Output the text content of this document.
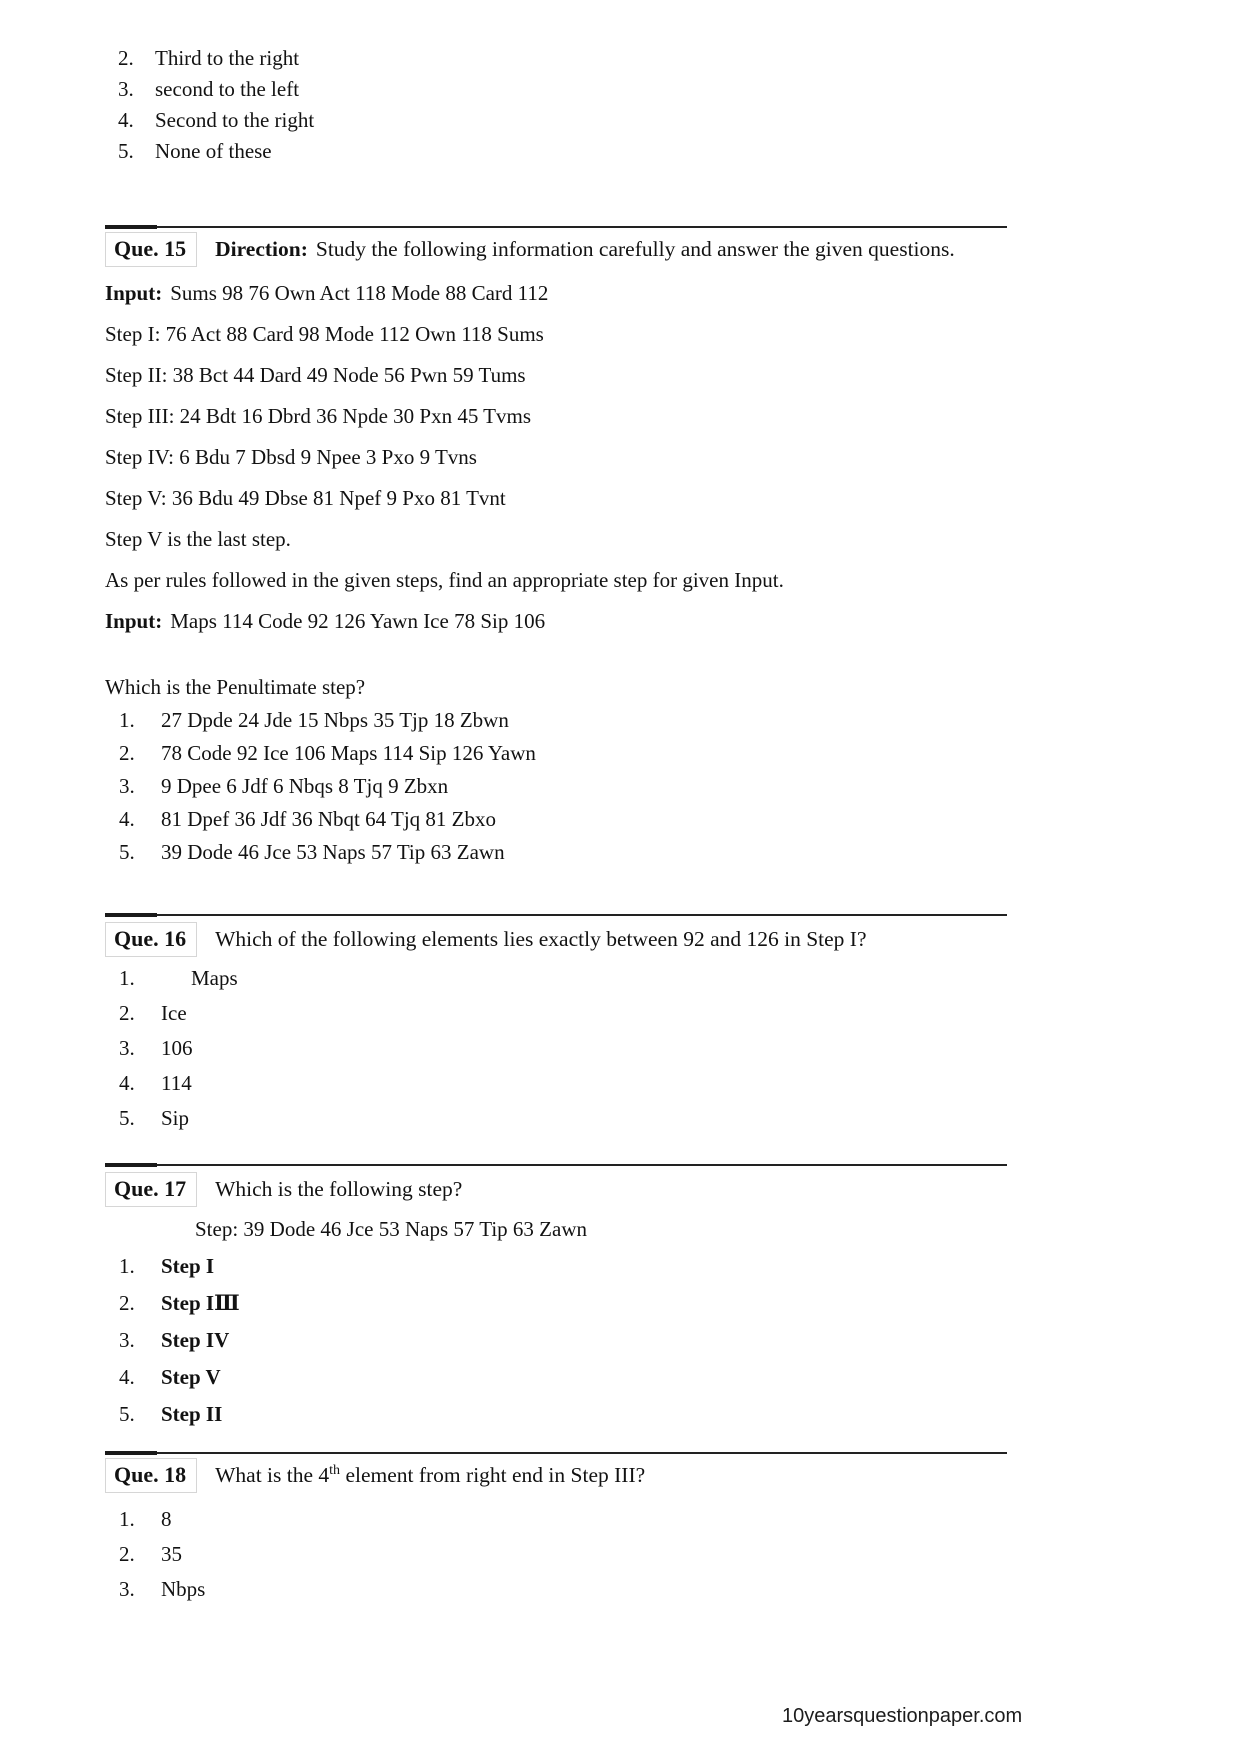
2.	Third to the right
3.	second to the left
4.	Second to the right
5.	None of these
Que. 15	Direction: Study the following information carefully and answer the given questions.

Input: Sums 98 76 Own Act 118 Mode 88 Card 112

Step I: 76 Act 88 Card 98 Mode 112 Own 118 Sums

Step II: 38 Bct 44 Dard 49 Node 56 Pwn 59 Tums

Step III: 24 Bdt 16 Dbrd 36 Npde 30 Pxn 45 Tvms

Step IV: 6 Bdu 7 Dbsd 9 Npee 3 Pxo 9 Tvns

Step V: 36 Bdu 49 Dbse 81 Npef 9 Pxo 81 Tvnt

Step V is the last step.

As per rules followed in the given steps, find an appropriate step for given Input.

Input: Maps 114 Code 92 126 Yawn Ice 78 Sip 106

Which is the Penultimate step?

1.	27 Dpde 24 Jde 15 Nbps 35 Tjp 18 Zbwn
2.	78 Code 92 Ice 106 Maps 114 Sip 126 Yawn
3.	9 Dpee 6 Jdf 6 Nbqs 8 Tjq 9 Zbxn
4.	81 Dpef 36 Jdf 36 Nbqt 64 Tjq 81 Zbxo
5.	39 Dode 46 Jce 53 Naps 57 Tip 63 Zawn
Que. 16	Which of the following elements lies exactly between 92 and 126 in Step I?
1.	Maps
2.	Ice
3.	106
4.	114
5.	Sip
Que. 17	Which is the following step?

Step: 39 Dode 46 Jce 53 Naps 57 Tip 63 Zawn

1.	Step I
2.	Step IⅢ
3.	Step IV
4.	Step V
5.	Step II
Que. 18	What is the 4th element from right end in Step III?
1.	8
2.	35
3.	Nbps
10yearsquestionpaper.com
